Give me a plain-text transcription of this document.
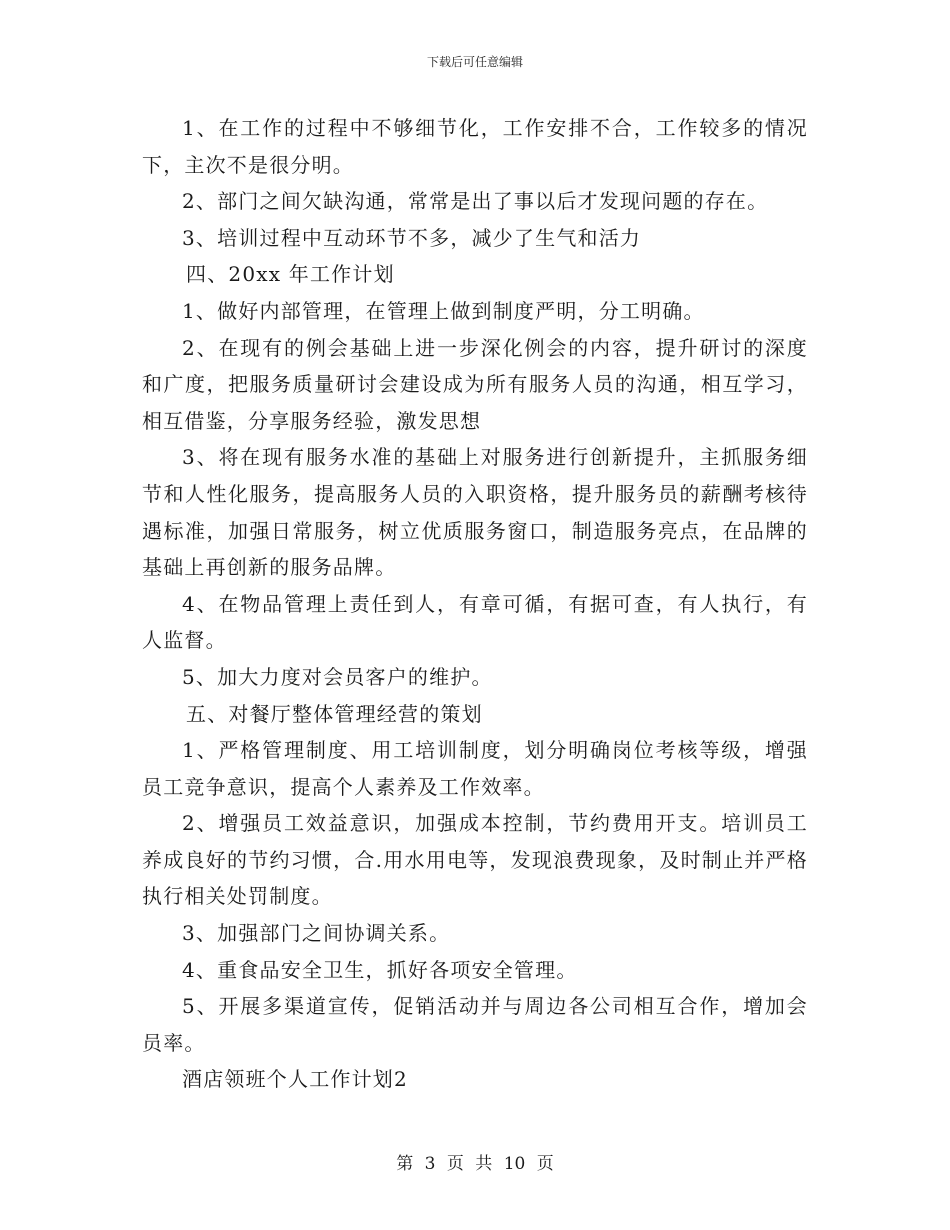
下载后可任意编辑

1、在工作的过程中不够细节化，工作安排不合，工作较多的情况下，主次不是很分明。

2、部门之间欠缺沟通，常常是出了事以后才发现问题的存在。

3、培训过程中互动环节不多，减少了生气和活力

四、20xx 年工作计划

1、做好内部管理，在管理上做到制度严明，分工明确。

2、在现有的例会基础上进一步深化例会的内容，提升研讨的深度和广度，把服务质量研讨会建设成为所有服务人员的沟通，相互学习，相互借鉴，分享服务经验，激发思想

3、将在现有服务水准的基础上对服务进行创新提升，主抓服务细节和人性化服务，提高服务人员的入职资格，提升服务员的薪酬考核待遇标准，加强日常服务，树立优质服务窗口，制造服务亮点，在品牌的基础上再创新的服务品牌。

4、在物品管理上责任到人，有章可循，有据可查，有人执行，有人监督。

5、加大力度对会员客户的维护。

五、对餐厅整体管理经营的策划

1、严格管理制度、用工培训制度，划分明确岗位考核等级，增强员工竞争意识，提高个人素养及工作效率。

2、增强员工效益意识，加强成本控制，节约费用开支。培训员工养成良好的节约习惯，合.用水用电等，发现浪费现象，及时制止并严格执行相关处罚制度。

3、加强部门之间协调关系。

4、重食品安全卫生，抓好各项安全管理。

5、开展多渠道宣传，促销活动并与周边各公司相互合作，增加会员率。

酒店领班个人工作计划2

第 3 页 共 10 页
